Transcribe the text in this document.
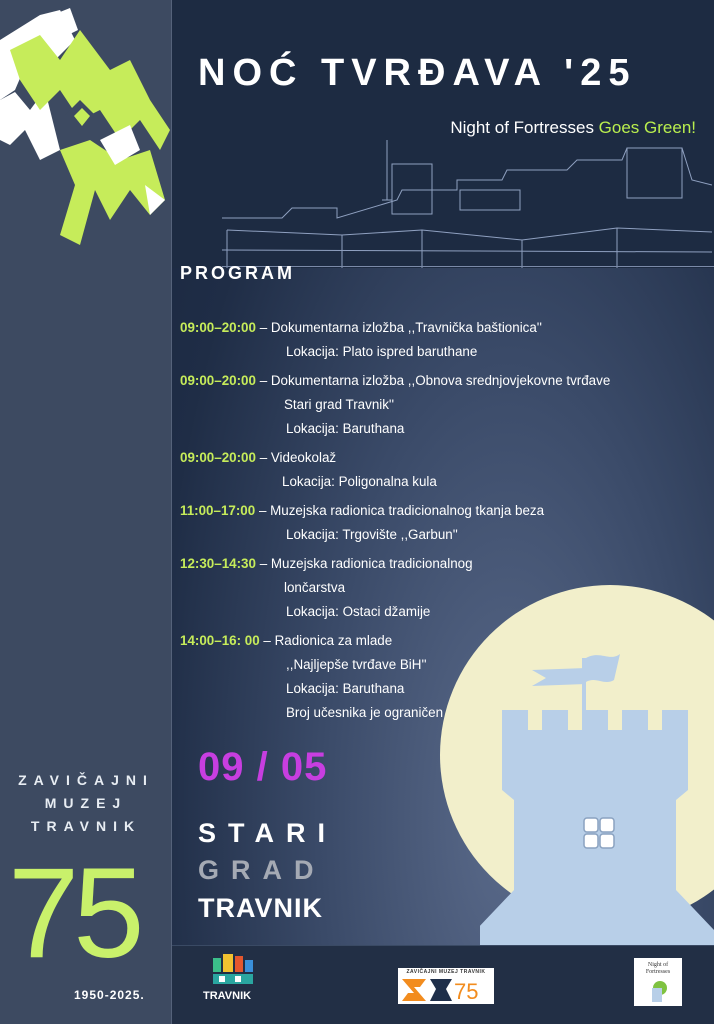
ZAVIČAJNI
MUZEJ
TRAVNIK
75
1950-2025.
NOĆ TVRĐAVA '25
Night of Fortresses Goes Green!
PROGRAM
09:00–20:00 – Dokumentarna izložba ,,Travnička baštionica''
Lokacija: Plato ispred baruthane
09:00–20:00 – Dokumentarna izložba ,,Obnova srednjovjekovne tvrđave
Stari grad Travnik''
Lokacija: Baruthana
09:00–20:00 – Videokolaž
Lokacija: Poligonalna kula
11:00–17:00 – Muzejska radionica tradicionalnog tkanja beza
Lokacija: Trgovište ,,Garbun''
12:30–14:30 – Muzejska radionica tradicionalnog
lončarstva
Lokacija: Ostaci džamije
14:00–16: 00 – Radionica za mlade
,,Najljepše tvrđave BiH''
Lokacija: Baruthana
Broj učesnika je ograničen
09 / 05
STARI
GRAD
TRAVNIK
TRAVNIK
ZAVIČAJNI MUZEJ TRAVNIK
75
Night of Fortresses
